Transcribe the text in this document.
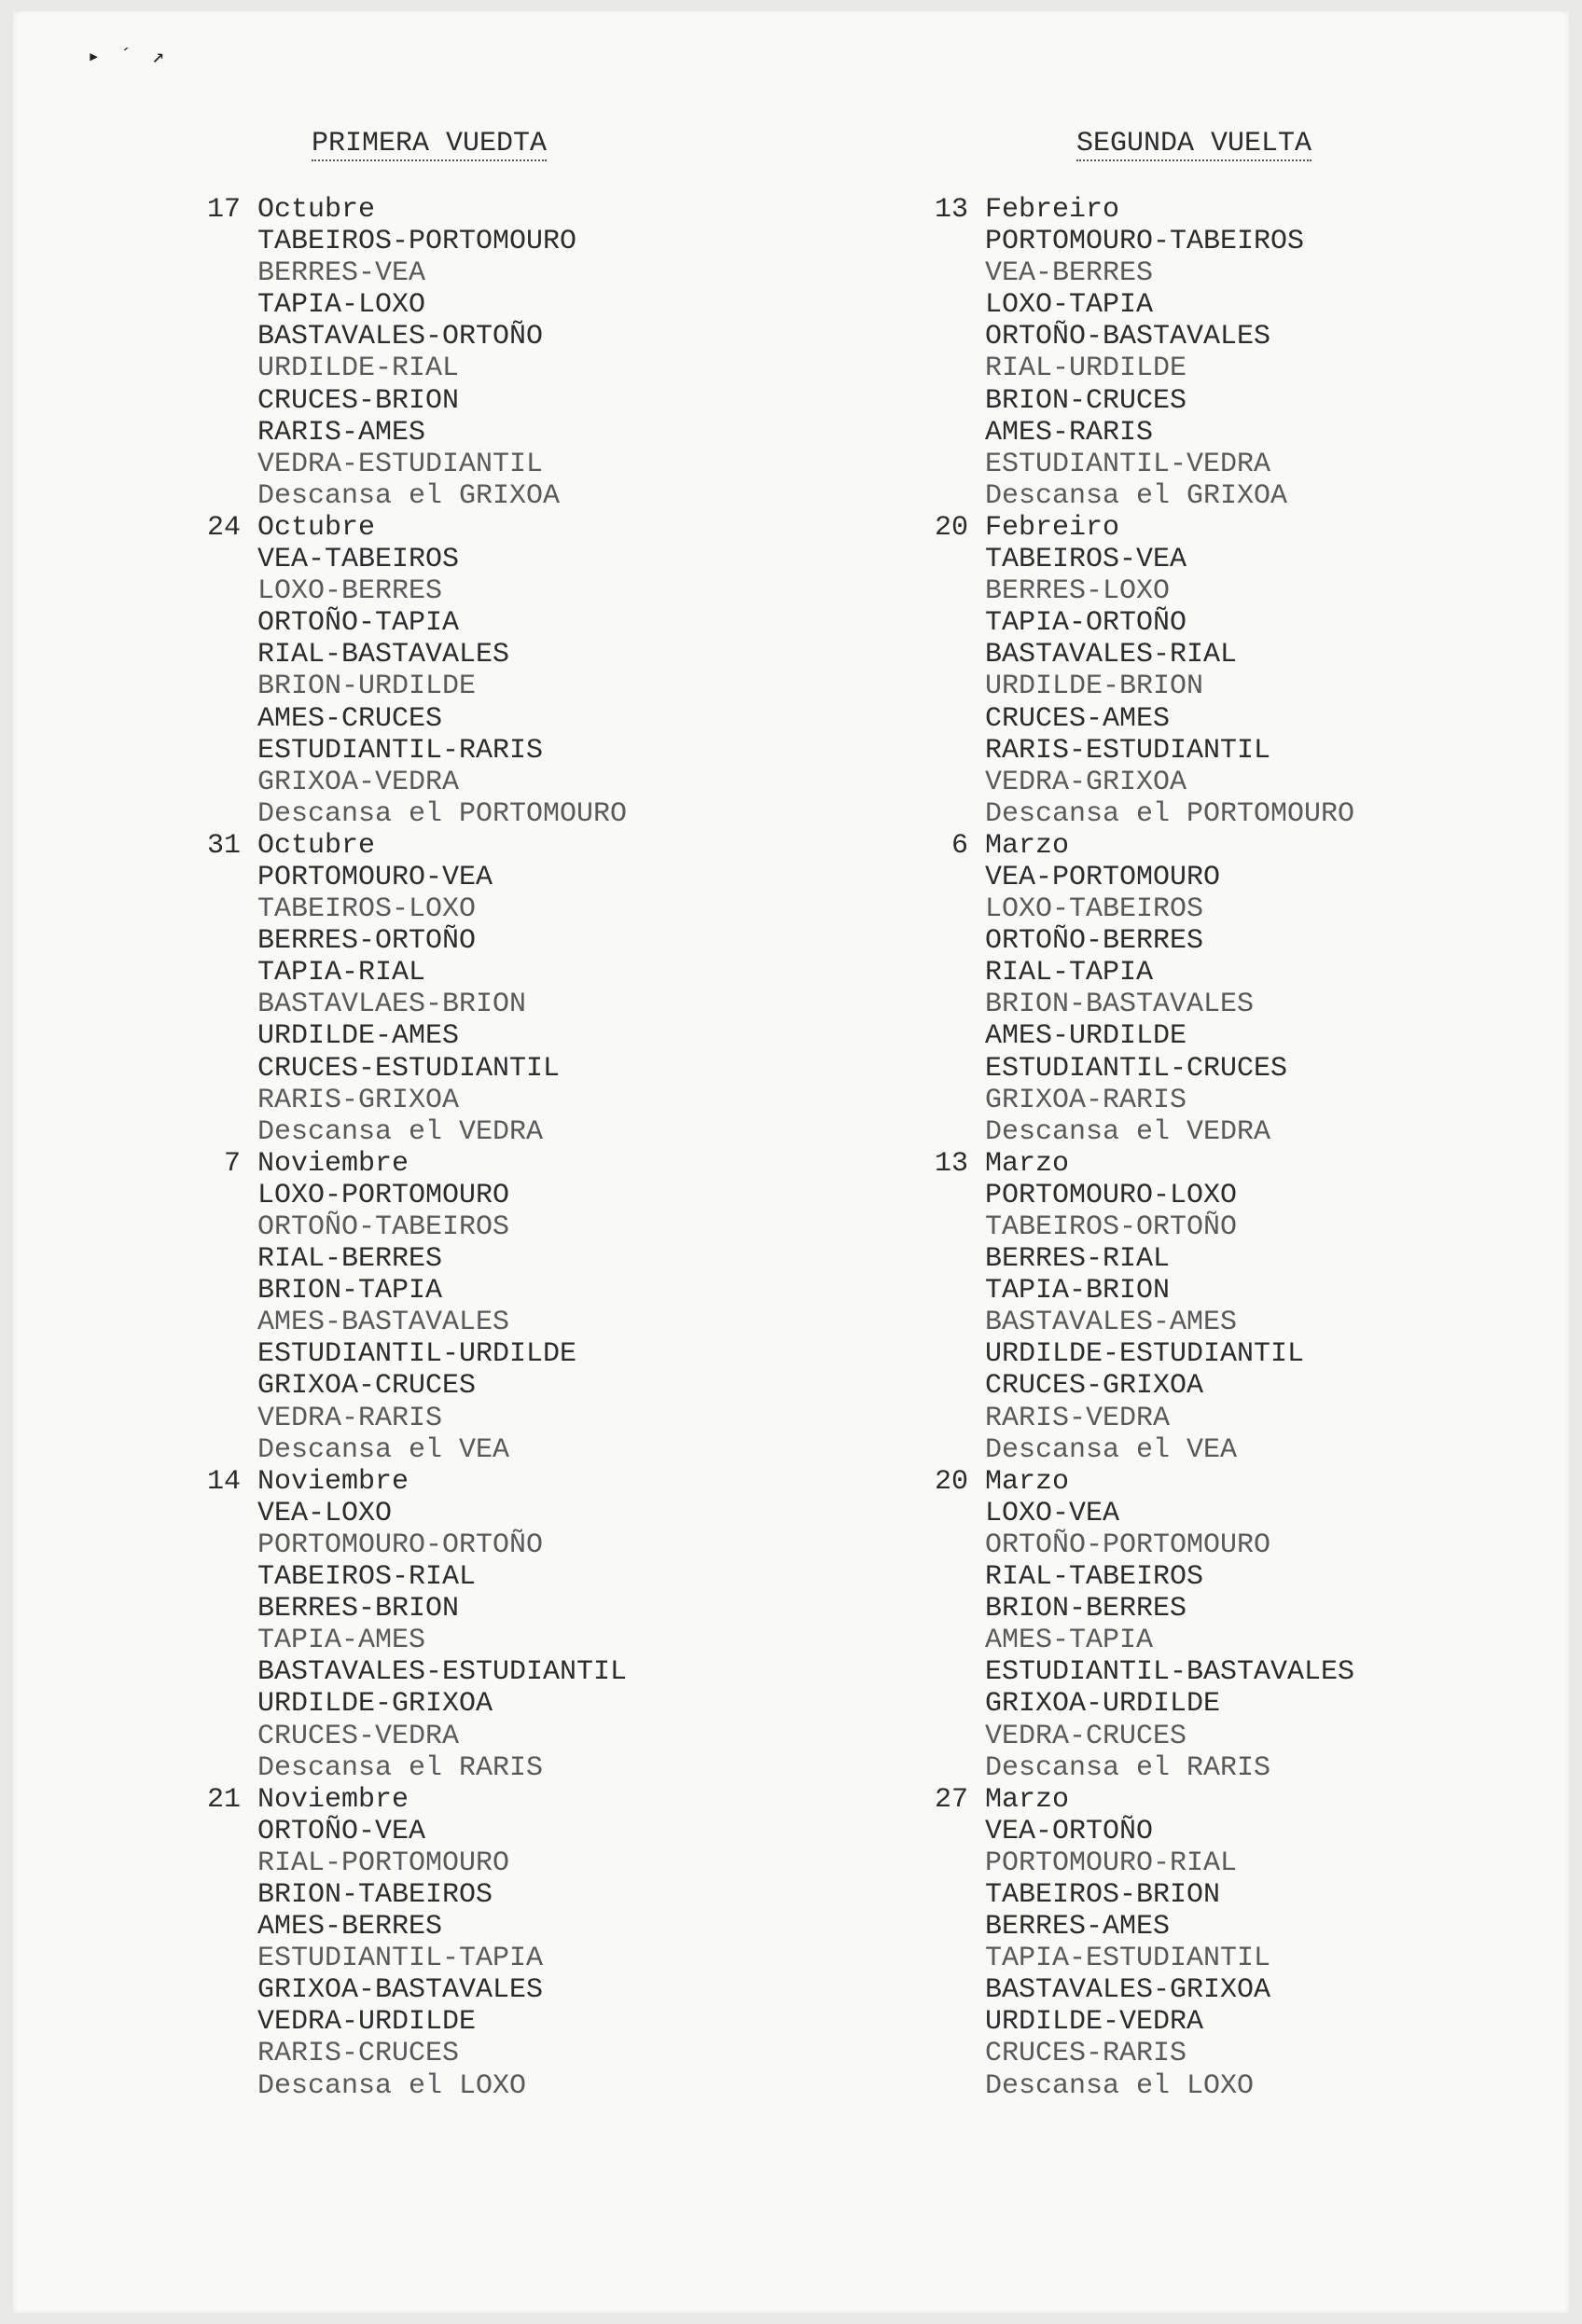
▸ ´ ↗
PRIMERA VUEDTA	SEGUNDA VUELTA
17 Octubre
TABEIROS-PORTOMOURO
BERRES-VEA
TAPIA-LOXO
BASTAVALES-ORTOÑO
URDILDE-RIAL
CRUCES-BRION
RARIS-AMES
VEDRA-ESTUDIANTIL
Descansa el GRIXOA
24 Octubre
VEA-TABEIROS
LOXO-BERRES
ORTOÑO-TAPIA
RIAL-BASTAVALES
BRION-URDILDE
AMES-CRUCES
ESTUDIANTIL-RARIS
GRIXOA-VEDRA
Descansa el PORTOMOURO
31 Octubre
PORTOMOURO-VEA
TABEIROS-LOXO
BERRES-ORTOÑO
TAPIA-RIAL
BASTAVLAES-BRION
URDILDE-AMES
CRUCES-ESTUDIANTIL
RARIS-GRIXOA
Descansa el VEDRA
7 Noviembre
LOXO-PORTOMOURO
ORTOÑO-TABEIROS
RIAL-BERRES
BRION-TAPIA
AMES-BASTAVALES
ESTUDIANTIL-URDILDE
GRIXOA-CRUCES
VEDRA-RARIS
Descansa el VEA
14 Noviembre
VEA-LOXO
PORTOMOURO-ORTOÑO
TABEIROS-RIAL
BERRES-BRION
TAPIA-AMES
BASTAVALES-ESTUDIANTIL
URDILDE-GRIXOA
CRUCES-VEDRA
Descansa el RARIS
21 Noviembre
ORTOÑO-VEA
RIAL-PORTOMOURO
BRION-TABEIROS
AMES-BERRES
ESTUDIANTIL-TAPIA
GRIXOA-BASTAVALES
VEDRA-URDILDE
RARIS-CRUCES
Descansa el LOXO
13 Febreiro
PORTOMOURO-TABEIROS
VEA-BERRES
LOXO-TAPIA
ORTOÑO-BASTAVALES
RIAL-URDILDE
BRION-CRUCES
AMES-RARIS
ESTUDIANTIL-VEDRA
Descansa el GRIXOA
20 Febreiro
TABEIROS-VEA
BERRES-LOXO
TAPIA-ORTOÑO
BASTAVALES-RIAL
URDILDE-BRION
CRUCES-AMES
RARIS-ESTUDIANTIL
VEDRA-GRIXOA
Descansa el PORTOMOURO
6 Marzo
VEA-PORTOMOURO
LOXO-TABEIROS
ORTOÑO-BERRES
RIAL-TAPIA
BRION-BASTAVALES
AMES-URDILDE
ESTUDIANTIL-CRUCES
GRIXOA-RARIS
Descansa el VEDRA
13 Marzo
PORTOMOURO-LOXO
TABEIROS-ORTOÑO
BERRES-RIAL
TAPIA-BRION
BASTAVALES-AMES
URDILDE-ESTUDIANTIL
CRUCES-GRIXOA
RARIS-VEDRA
Descansa el VEA
20 Marzo
LOXO-VEA
ORTOÑO-PORTOMOURO
RIAL-TABEIROS
BRION-BERRES
AMES-TAPIA
ESTUDIANTIL-BASTAVALES
GRIXOA-URDILDE
VEDRA-CRUCES
Descansa el RARIS
27 Marzo
VEA-ORTOÑO
PORTOMOURO-RIAL
TABEIROS-BRION
BERRES-AMES
TAPIA-ESTUDIANTIL
BASTAVALES-GRIXOA
URDILDE-VEDRA
CRUCES-RARIS
Descansa el LOXO
